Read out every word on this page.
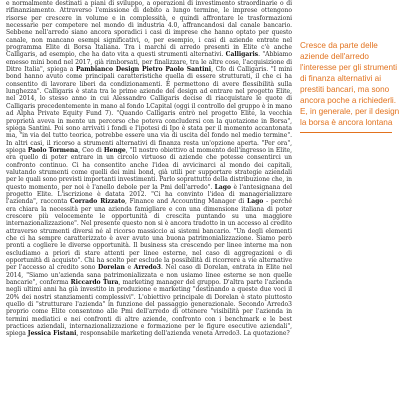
e normalmente destinati a piani di sviluppo, a operazioni di investimento straordinarie o di rifinanziamento. Attraverso l'emissione di debito a lungo termine, le imprese ottengono risorse per crescere in volume e in complessità, e quindi affrontare le trasformazioni necessarie per competere nel mondo di industria 4.0, affrancandosi dal canale bancario. Sebbene nell'arredo siano ancora sporadici i casi di imprese che hanno optato per questo canale, non mancano esempi significativi, o, per esempio, i casi di aziende entrate nel programma Elite di Borsa Italiana. Tra i marchi di arredo presenti in Elite c'è anche Calligaris, ad esempio, che ha dato vita a questi strumenti alternativi. Calligaris. "Abbiamo emesso mini bond nel 2017, già rimborsati, per finalizzare, tra le altre cose, l'acquisizione di Ditre Italia", spiega a Pambianco Design Pietro Paolo Santini, Cfo di Calligaris. "I mini bond hanno avuto come principali caratteristiche quella di essere strutturati, il che ci ha consentito di lavorare liberi da condizionamenti. È permettono di avere flessibilità sulla lunghezza". Calligaris è stata tra le prime aziende del design ad entrare nel progetto Elite, nel 2014, lo stesso anno in cui Alessandro Calligaris decise di riacquistare le quote di Calligaris precedentemente in mano al fondo LCapital (oggi il controllo del gruppo è in mano ad Alpha Private Equity Fund 7). "Quando Calligaris entrò nel progetto Elite, la vecchia proprietà aveva in mente un percorso che poteva concludersi con la quotazione in Borsa", spiega Santini. Poi sono arrivati i fondi e l'ipotesi di Ipo è stata per il momento accantonata ma, "in via del tutto teorica, potrebbe essere una via di uscita del fondo nel medio termine". In altri casi, il ricorso a strumenti alternativi di finanza resta un'opzione aperta. "Per ora", spiega Paolo Tormena, Ceo di Henge, "Il nostro obiettivo al momento dell'ingresso in Elite, era quello di poter entrare in un circolo virtuoso di aziende che potesse consentirci un confronto continuo. Ci ha consentito anche l'idea di avvicinarci al mondo dei capitali, valutando strumenti come quelli dei mini bond, già utili per supportare strategie aziendali per le quali sono previsti importanti investimenti. Parlo soprattutto della distribuzione che, in questo momento, per noi è l'anello debole per la Pmi dell'arredo". Lago è l'antesignana del progetto Elite. L'iscrizione è datata 2012. "Ci ha convinto l'idea di managerializzare l'azienda", racconta Corrado Rizzato, Finance and Accounting Manager di Lago - perché era chiara la necessità per una azienda famigliare e con una dimensione italiana di poter crescere più velocemente le opportunità di crescita puntando su una maggiore internazionalizzazione". Nel presente questo non si è ancora tradotto in un accesso al credito attraverso strumenti diversi né al ricorso massiccio ai sistemi bancario. "Un degli elementi che ci ha sempre caratterizzato è aver avuto una buona patrimonializzazione. Siamo però pronti a cogliere le diverse opportunità. Il business sta crescendo per linee interne ma non escludiamo a priori di stare attenti per linee esterne, nel caso di aggregazioni o di opportunità di acquisto". Chi ha scelto per esclude la possibilità di ricorrere a vie alternative per l'accesso al credito sono Dorelan e Arredo3. Nel caso di Dorelan, entrata in Elite nel 2014, "Siamo un'azienda sana patrimonializzata e non usiamo linee esterne se non quelle bancarie", conferma Riccardo Tura, marketing manager del gruppo. D'altra parte l'azienda negli ultimi anni ha già investito in produzione e marketing "destinando a queste due voci il 20% dei nostri stanziamenti complessivi". L'obiettivo principale di Dorelan è stato piuttosto quello di "strutturare l'azienda" in funzione del passaggio generazionale. Secondo Arredo3 proprio come Elite consentono alle Pmi dell'arredo di ottenere "visibilità per l'azienda in termini mediatici e nei confronti di altre aziende, confronto con i benchmark e le best practices aziendali, internazionalizzazione e formazione per le figure esecutive aziendali", spiega Jessica Fistani, responsabile marketing dell'azienda veneta Arredo3. La quotazione?

Cresce da parte delle aziende dell'arredo l'interesse per gli strumenti di finanza alternativi ai prestiti bancari, ma sono ancora poche a richiederli. E, in generale, per il design la borsa è ancora lontana
